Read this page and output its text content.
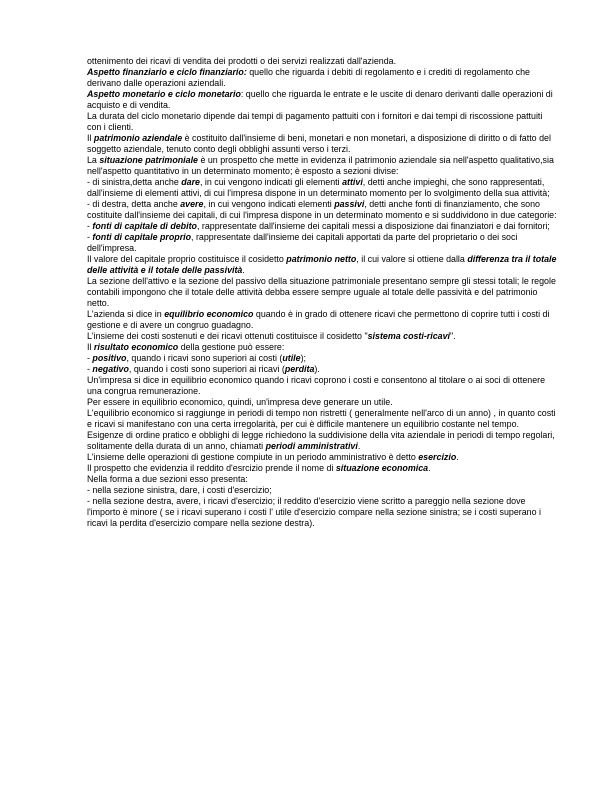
ottenimento dei ricavi di vendita dei prodotti o dei servizi realizzati dall'azienda.

Aspetto finanziario e ciclo finanziario: quello che riguarda i debiti di regolamento e i crediti di regolamento che derivano dalle operazioni aziendali.

Aspetto monetario e ciclo monetario: quello che riguarda le entrate e le uscite di denaro derivanti dalle operazioni di acquisto e di vendita.

La durata del ciclo monetario dipende dai tempi di pagamento pattuiti con i fornitori e dai tempi di riscossione pattuiti con i clienti.

Il patrimonio aziendale è costituito dall'insieme di beni, monetari e non monetari, a disposizione di diritto o di fatto del soggetto aziendale, tenuto conto degli obblighi assunti verso i terzi.

La situazione patrimoniale è un prospetto che mette in evidenza il patrimonio aziendale sia nell'aspetto qualitativo,sia nell'aspetto quantitativo in un determinato momento; è esposto a sezioni divise:

- di sinistra,detta anche dare, in cui vengono indicati gli elementi attivi, detti anche impieghi, che sono rappresentati, dall'insieme di elementi attivi, di cui l'impresa dispone in un determinato momento per lo svolgimento della sua attività;

- di destra, detta anche avere, in cui vengono indicati elementi passivi, detti anche fonti di finanziamento, che sono costituite dall'insieme dei capitali, di cui l'impresa dispone in un determinato momento e si suddividono in due categorie:

- fonti di capitale di debito, rappresentate dall'insieme dei capitali messi a disposizione dai finanziatori e dai fornitori;

- fonti di capitale proprio, rappresentate dall'insieme dei capitali apportati da parte del proprietario o dei soci dell'impresa.

Il valore del capitale proprio costituisce il cosidetto patrimonio netto, il cui valore si ottiene dalla differenza tra il totale delle attività e il totale delle passività.

La sezione dell'attivo e la sezione del passivo della situazione patrimoniale presentano sempre gli stessi totali; le regole contabili impongono che il totale delle attività debba essere sempre uguale al totale delle passività e del patrimonio netto.

L'azienda si dice in equilibrio economico quando è in grado di ottenere ricavi che permettono di coprire tutti i costi di gestione e di avere un congruo guadagno.

L'insieme dei costi sostenuti e dei ricavi ottenuti costituisce il cosidetto "sistema costi-ricavi".

Il risultato economico della gestione può essere:

- positivo, quando i ricavi sono superiori ai costi (utile);

- negativo, quando i costi sono superiori ai ricavi (perdita).

Un'impresa si dice in equilibrio economico quando i ricavi coprono i costi e consentono al titolare o ai soci di ottenere una congrua remunerazione.

Per essere in equilibrio economico, quindi, un'impresa deve generare un utile.

L'equilibrio economico si raggiunge in periodi di tempo non ristretti ( generalmente nell'arco di un anno) , in quanto costi e ricavi si manifestano con una certa irregolarità, per cui è difficile mantenere un equilibrio costante nel tempo.

Esigenze di ordine pratico e obblighi di legge richiedono la suddivisione della vita aziendale in periodi di tempo regolari, solitamente della durata di un anno, chiamati periodi amministrativi.

L'insieme delle operazioni di gestione compiute in un periodo amministrativo è detto esercizio.

Il prospetto che evidenzia il reddito d'esrcizio prende il nome di situazione economica.

Nella forma a due sezioni esso presenta:

- nella sezione sinistra, dare, i costi d'esercizio;

- nella sezione destra, avere, i ricavi d'esercizio; il reddito d'esercizio viene scritto a pareggio nella sezione dove l'importo è minore ( se i ricavi superano i costi l' utile d'esercizio compare nella sezione sinistra; se i costi superano i ricavi la perdita d'esercizio compare nella sezione destra).
